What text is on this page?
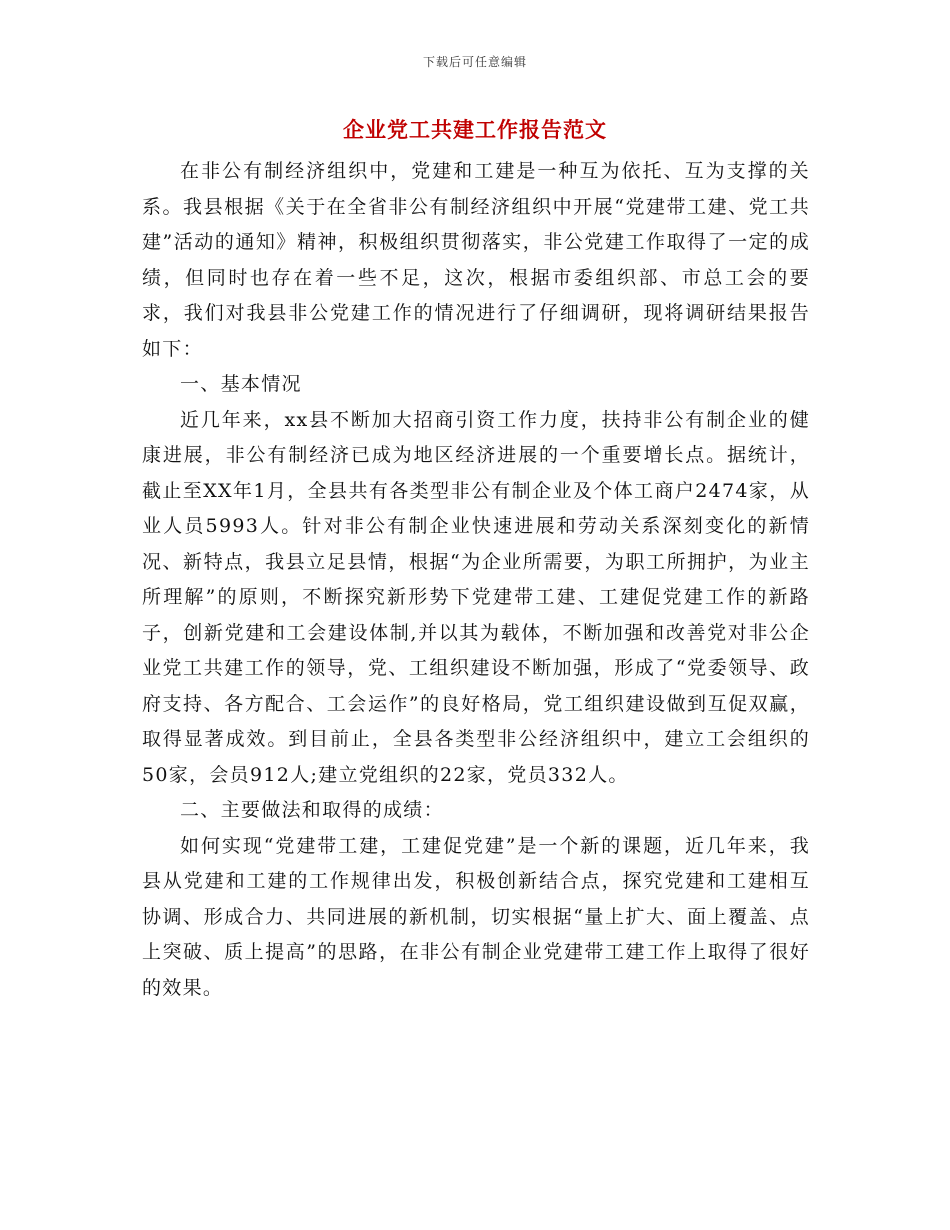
下载后可任意编辑
企业党工共建工作报告范文

在非公有制经济组织中，党建和工建是一种互为依托、互为支撑的关系。我县根据《关于在全省非公有制经济组织中开展“党建带工建、党工共建”活动的通知》精神，积极组织贯彻落实，非公党建工作取得了一定的成绩，但同时也存在着一些不足，这次，根据市委组织部、市总工会的要求，我们对我县非公党建工作的情况进行了仔细调研，现将调研结果报告如下：

一、基本情况

近几年来，xx县不断加大招商引资工作力度，扶持非公有制企业的健康进展，非公有制经济已成为地区经济进展的一个重要增长点。据统计，截止至XX年1月，全县共有各类型非公有制企业及个体工商户2474家，从业人员5993人。针对非公有制企业快速进展和劳动关系深刻变化的新情况、新特点，我县立足县情，根据“为企业所需要，为职工所拥护，为业主所理解”的原则，不断探究新形势下党建带工建、工建促党建工作的新路子，创新党建和工会建设体制,并以其为载体，不断加强和改善党对非公企业党工共建工作的领导，党、工组织建设不断加强，形成了“党委领导、政府支持、各方配合、工会运作”的良好格局，党工组织建设做到互促双赢，取得显著成效。到目前止，全县各类型非公经济组织中，建立工会组织的50家，会员912人;建立党组织的22家，党员332人。

二、主要做法和取得的成绩：

如何实现“党建带工建，工建促党建”是一个新的课题，近几年来，我县从党建和工建的工作规律出发，积极创新结合点，探究党建和工建相互协调、形成合力、共同进展的新机制，切实根据“量上扩大、面上覆盖、点上突破、质上提高”的思路，在非公有制企业党建带工建工作上取得了很好的效果。
